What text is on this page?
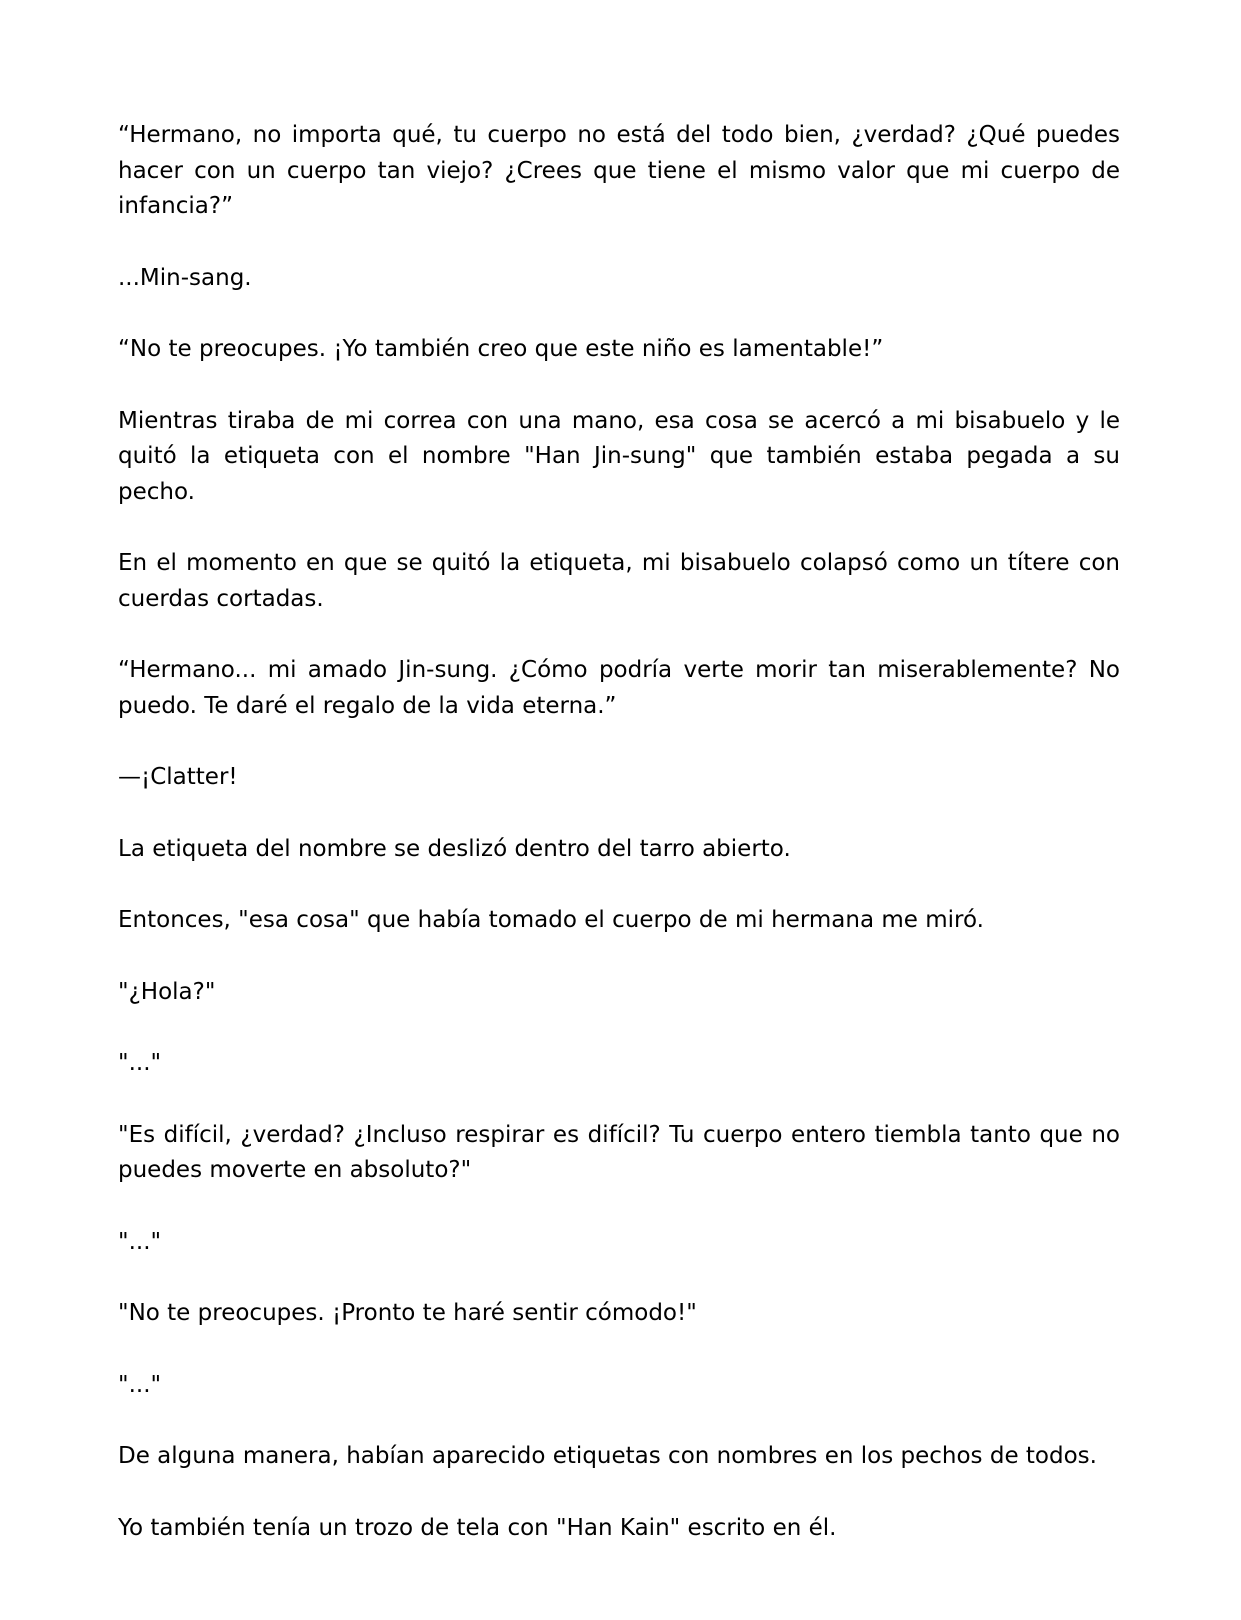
“Hermano, no importa qué, tu cuerpo no está del todo bien, ¿verdad? ¿Qué puedes hacer con un cuerpo tan viejo? ¿Crees que tiene el mismo valor que mi cuerpo de infancia?”

...Min-sang.

“No te preocupes. ¡Yo también creo que este niño es lamentable!”

Mientras tiraba de mi correa con una mano, esa cosa se acercó a mi bisabuelo y le quitó la etiqueta con el nombre "Han Jin-sung" que también estaba pegada a su pecho.

En el momento en que se quitó la etiqueta, mi bisabuelo colapsó como un títere con cuerdas cortadas.

“Hermano... mi amado Jin-sung. ¿Cómo podría verte morir tan miserablemente? No puedo. Te daré el regalo de la vida eterna.”

—¡Clatter!

La etiqueta del nombre se deslizó dentro del tarro abierto.

Entonces, "esa cosa" que había tomado el cuerpo de mi hermana me miró.

"¿Hola?"

"..."

"Es difícil, ¿verdad? ¿Incluso respirar es difícil? Tu cuerpo entero tiembla tanto que no puedes moverte en absoluto?"

"..."

"No te preocupes. ¡Pronto te haré sentir cómodo!"

"..."

De alguna manera, habían aparecido etiquetas con nombres en los pechos de todos.

Yo también tenía un trozo de tela con "Han Kain" escrito en él.
